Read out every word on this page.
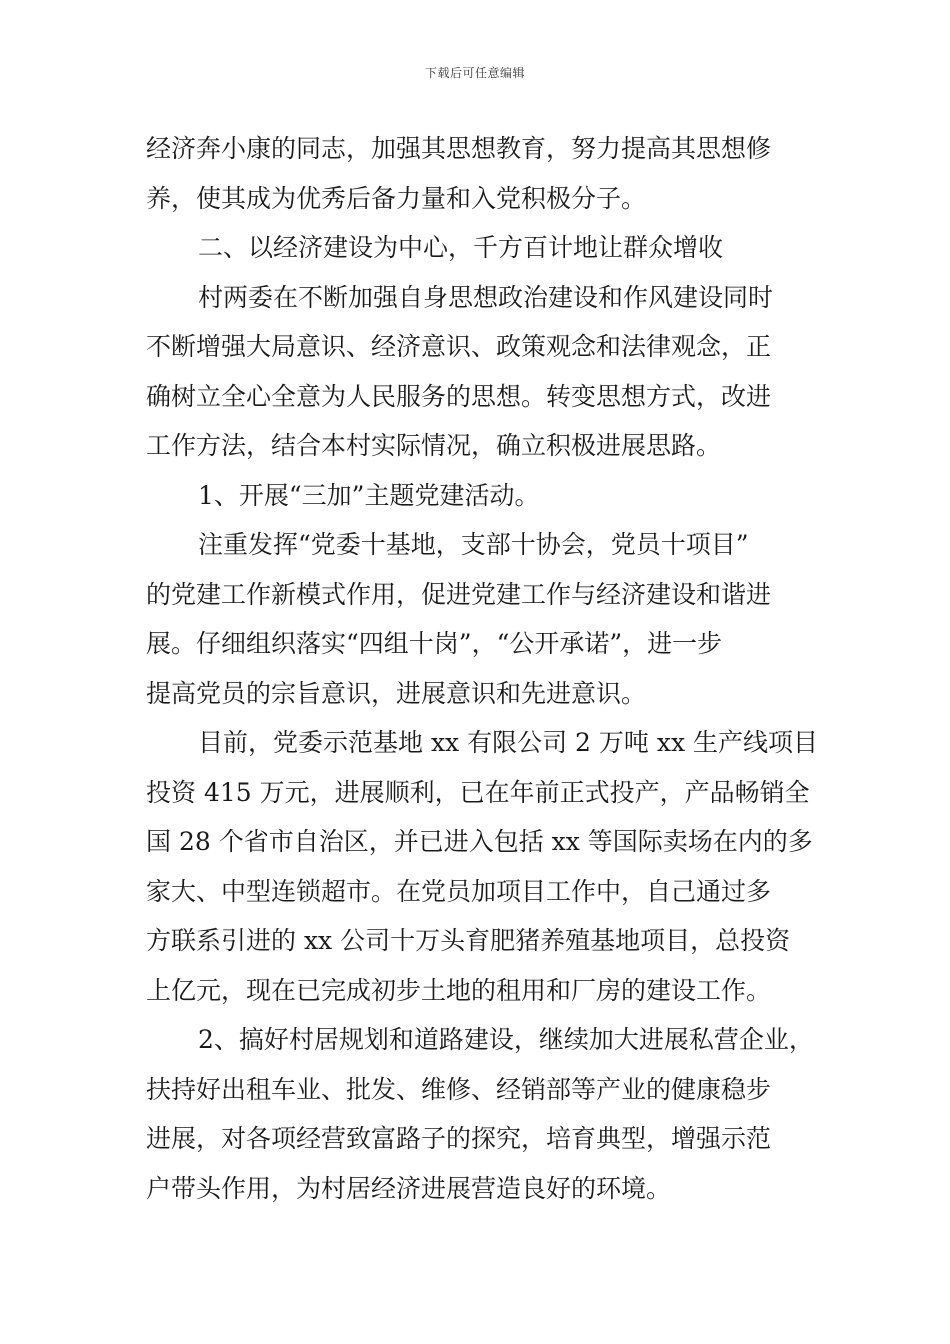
下载后可任意编辑
经济奔小康的同志，加强其思想教育，努力提高其思想修
养，使其成为优秀后备力量和入党积极分子。
二、以经济建设为中心，千方百计地让群众增收
村两委在不断加强自身思想政治建设和作风建设同时
不断增强大局意识、经济意识、政策观念和法律观念，正
确树立全心全意为人民服务的思想。转变思想方式，改进
工作方法，结合本村实际情况，确立积极进展思路。
1、开展“三加”主题党建活动。
注重发挥“党委十基地，支部十协会，党员十项目”
的党建工作新模式作用，促进党建工作与经济建设和谐进
展。仔细组织落实“四组十岗”，“公开承诺”，进一步
提高党员的宗旨意识，进展意识和先进意识。
目前，党委示范基地 xx 有限公司 2 万吨 xx 生产线项目
投资 415 万元，进展顺利，已在年前正式投产，产品畅销全
国 28 个省市自治区，并已进入包括 xx 等国际卖场在内的多
家大、中型连锁超市。在党员加项目工作中，自己通过多
方联系引进的 xx 公司十万头育肥猪养殖基地项目，总投资
上亿元，现在已完成初步土地的租用和厂房的建设工作。
2、搞好村居规划和道路建设，继续加大进展私营企业，
扶持好出租车业、批发、维修、经销部等产业的健康稳步
进展，对各项经营致富路子的探究，培育典型，增强示范
户带头作用，为村居经济进展营造良好的环境。
